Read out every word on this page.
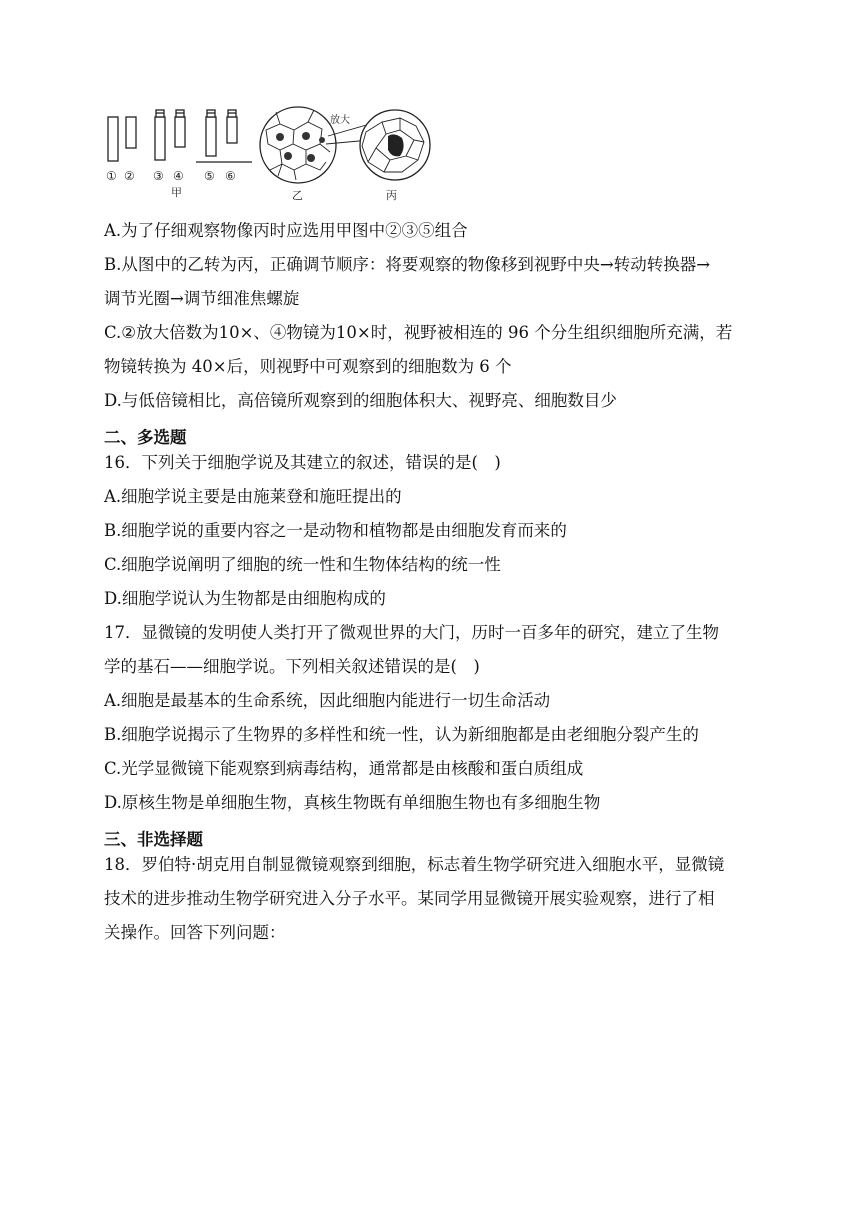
① ② ③ ④ ⑤ ⑥
甲	乙	丙
放大
A.为了仔细观察物像丙时应选用甲图中②③⑤组合
B.从图中的乙转为丙，正确调节顺序：将要观察的物像移到视野中央→转动转换器→
调节光圈→调节细准焦螺旋
C.②放大倍数为10×、④物镜为10×时，视野被相连的 96 个分生组织细胞所充满，若
物镜转换为 40×后，则视野中可观察到的细胞数为 6 个
D.与低倍镜相比，高倍镜所观察到的细胞体积大、视野亮、细胞数目少
二、多选题
16．下列关于细胞学说及其建立的叙述，错误的是(　)
A.细胞学说主要是由施莱登和施旺提出的
B.细胞学说的重要内容之一是动物和植物都是由细胞发育而来的
C.细胞学说阐明了细胞的统一性和生物体结构的统一性
D.细胞学说认为生物都是由细胞构成的
17．显微镜的发明使人类打开了微观世界的大门，历时一百多年的研究，建立了生物
学的基石——细胞学说。下列相关叙述错误的是(　)
A.细胞是最基本的生命系统，因此细胞内能进行一切生命活动
B.细胞学说揭示了生物界的多样性和统一性，认为新细胞都是由老细胞分裂产生的
C.光学显微镜下能观察到病毒结构，通常都是由核酸和蛋白质组成
D.原核生物是单细胞生物，真核生物既有单细胞生物也有多细胞生物
三、非选择题
18．罗伯特·胡克用自制显微镜观察到细胞，标志着生物学研究进入细胞水平，显微镜
技术的进步推动生物学研究进入分子水平。某同学用显微镜开展实验观察，进行了相
关操作。回答下列问题：
